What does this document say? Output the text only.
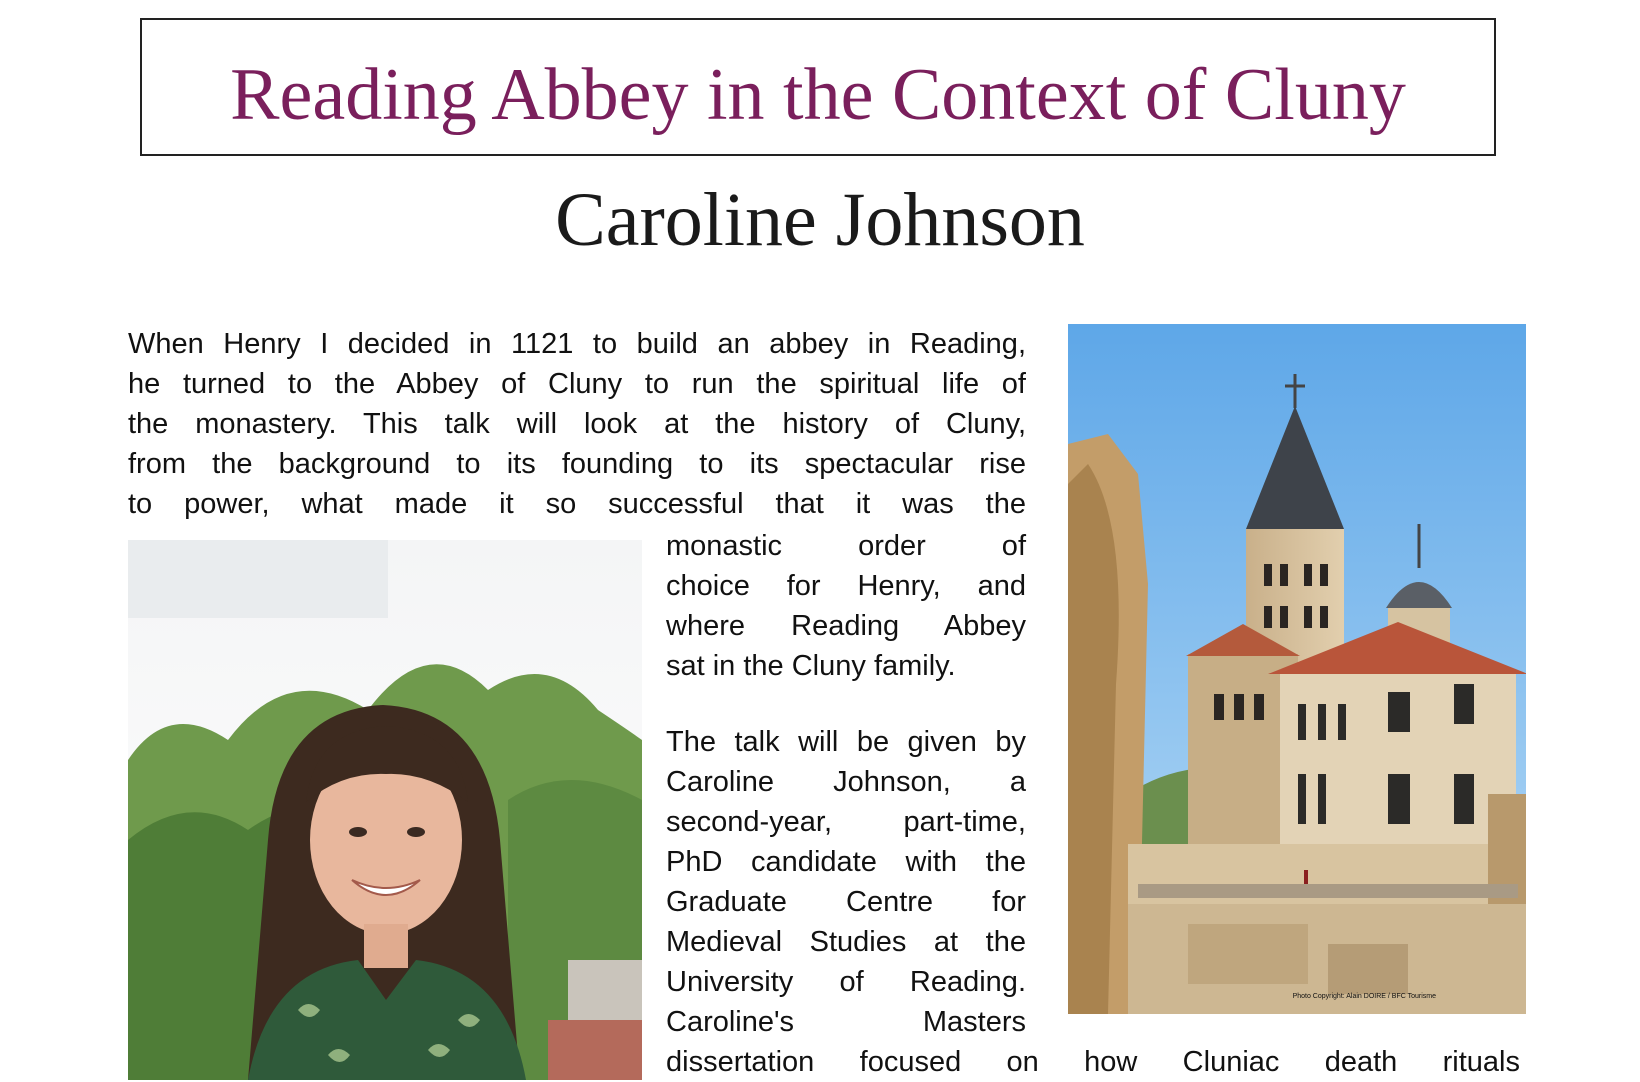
Reading Abbey in the Context of Cluny
Caroline Johnson
When Henry I decided in 1121 to build an abbey in Reading,
he turned to the Abbey of Cluny to run the spiritual life of
the monastery. This talk will look at the history of Cluny,
from the background to its founding to its spectacular rise
to power, what made it so successful that it was the
monastic order of
choice for Henry, and
where Reading Abbey
sat in the Cluny family.
The talk will be given by
Caroline Johnson, a
second-year, part-time,
PhD candidate with the
Graduate Centre for
Medieval Studies at the
University of Reading.
Caroline's Masters
dissertation focused on how Cluniac death rituals
Photo Copyright: Alain DOIRE / BFC Tourisme
